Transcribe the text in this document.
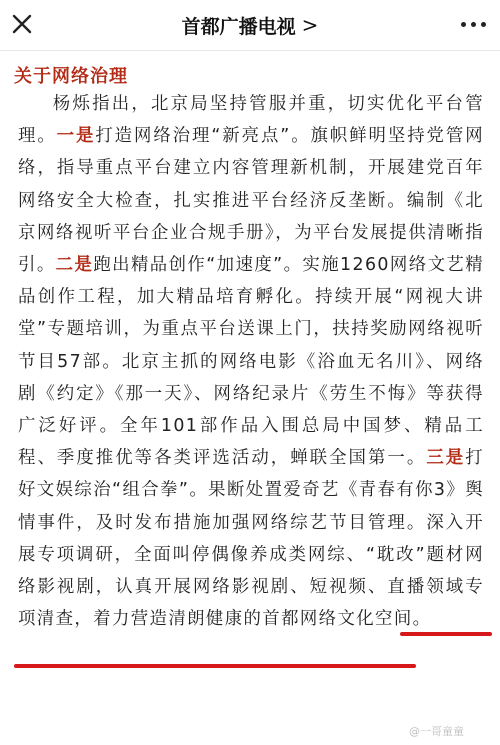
首都广播电视 >
关于网络治理

杨烁指出，北京局坚持管服并重，切实优化平台管理。一是打造网络治理“新亮点”。旗帜鲜明坚持党管网络，指导重点平台建立内容管理新机制，开展建党百年网络安全大检查，扎实推进平台经济反垄断。编制《北京网络视听平台企业合规手册》，为平台发展提供清晰指引。二是跑出精品创作“加速度”。实施1260网络文艺精品创作工程，加大精品培育孵化。持续开展“网视大讲堂”专题培训，为重点平台送课上门，扶持奖励网络视听节目57部。北京主抓的网络电影《浴血无名川》、网络剧《约定》《那一天》、网络纪录片《劳生不悔》等获得广泛好评。全年101部作品入围总局中国梦、精品工程、季度推优等各类评选活动，蝉联全国第一。三是打好文娱综治“组合拳”。果断处置爱奇艺《青春有你3》舆情事件，及时发布措施加强网络综艺节目管理。深入开展专项调研，全面叫停偶像养成类网综、“耽改”题材网络影视剧，认真开展网络影视剧、短视频、直播领域专项清查，着力营造清朗健康的首都网络文化空间。

@一哥童童
